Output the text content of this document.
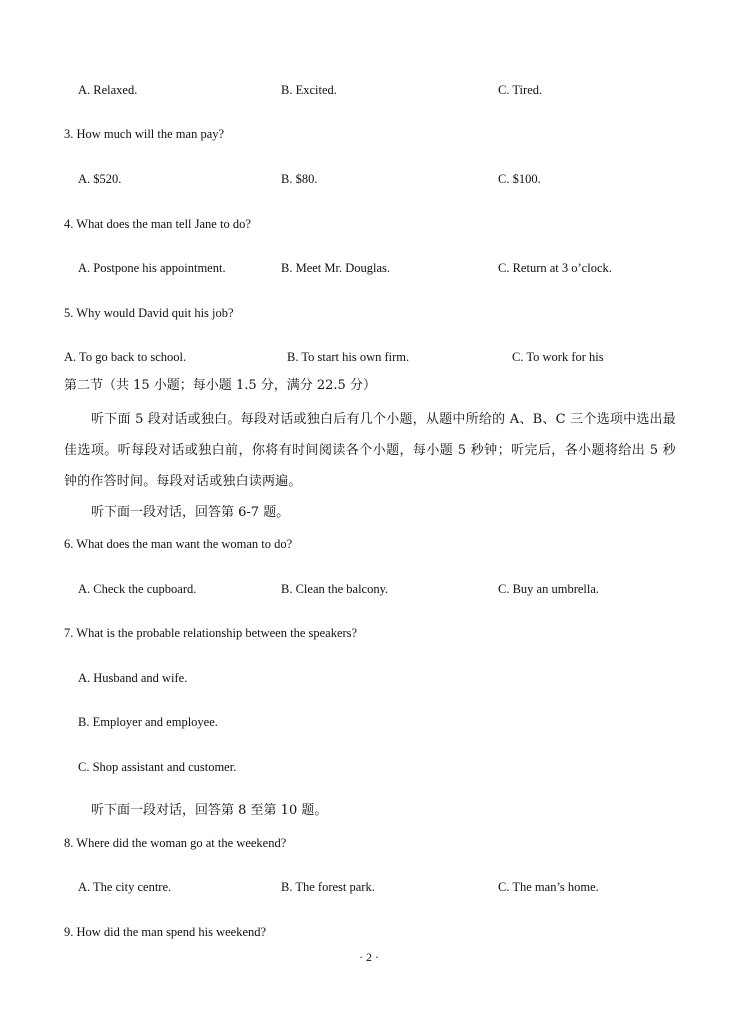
A. Relaxed.	B. Excited.	C. Tired.
3. How much will the man pay?
A. $520.	B. $80.	C. $100.
4. What does the man tell Jane to do?
A. Postpone his appointment.	B. Meet Mr. Douglas.	C. Return at 3 o’clock.
5. Why would David quit his job?
A. To go back to school.	B. To start his own firm.	C. To work for his
第二节（共 15 小题；每小题 1.5 分，满分 22.5 分）
听下面 5 段对话或独白。每段对话或独白后有几个小题，从题中所给的 A、B、C 三个选项中选出最佳选项。听每段对话或独白前，你将有时间阅读各个小题，每小题 5 秒钟；听完后，各小题将给出 5 秒钟的作答时间。每段对话或独白读两遍。
听下面一段对话，回答第 6-7 题。
6. What does the man want the woman to do?
A. Check the cupboard.	B. Clean the balcony.	C. Buy an umbrella.
7. What is the probable relationship between the speakers?
A. Husband and wife.
B. Employer and employee.
C. Shop assistant and customer.
听下面一段对话，回答第 8 至第 10 题。
8. Where did the woman go at the weekend?
A. The city centre.	B. The forest park.	C. The man’s home.
9. How did the man spend his weekend?
· 2 ·
